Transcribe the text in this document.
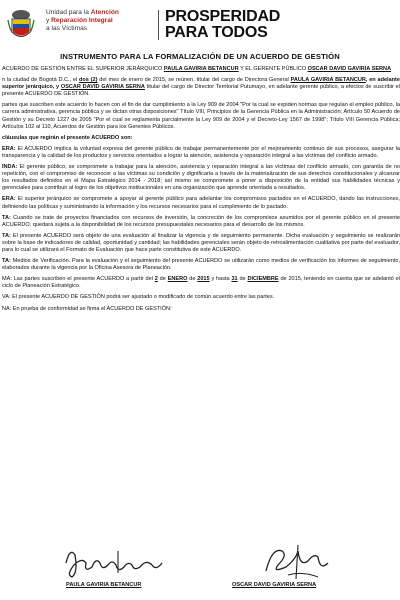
Unidad para la Atención
y Reparación Integral
a las Víctimas
PROSPERIDAD
PARA TODOS
INSTRUMENTO PARA LA FORMALIZACIÓN DE UN ACUERDO DE GESTIÓN

ACUERDO DE GESTIÓN ENTRE EL SUPERIOR JERÁRQUICO PAULA GAVIRIA BETANCUR Y EL GERENTE PÚBLICO OSCAR DAVID GAVIRIA SERNA

n la ciudad de Bogotá D.C., el dos (2) del mes de enero de 2015, se reúnen, titular del cargo de Directora General PAULA GAVIRIA BETANCUR, en adelante superior jerárquico, y OSCAR DAVID GAVIRIA SERNA titular del cargo de Director Territorial Putumayo, en adelante gerente público, a efectos de suscribir el presente ACUERDO DE GESTIÓN.

partes que suscriben este acuerdo lo hacen con el fin de dar cumplimiento a la Ley 909 de 2004 "Por la cual se expiden normas que regulan el empleo público, la carrera administrativa, gerencia pública y se dictan otras disposiciones" Título VIII, Principios de la Gerencia Pública en la Administración; Artículo 50 Acuerdo de Gestión y su Decreto 1227 de 2005 "Por el cual se reglamenta parcialmente la Ley 909 de 2004 y el Decreto-Ley 1567 de 1998"; Título VIII Gerencia Pública; Artículos 102 al 110, Acuerdos de Gestión para los Gerentes Públicos.

cláusulas que regirán el presente ACUERDO son:

ERA: El ACUERDO implica la voluntad expresa del gerente público de trabajar permanentemente por el mejoramiento continuo de sus procesos, asegurar la transparencia y la calidad de los productos y servicios orientados a lograr la atención, asistencia y reparación integral a las víctimas del conflicto armado.

INDA: El gerente público, se compromete a trabajar para la atención, asistencia y reparación integral a las víctimas del conflicto armado, con garantía de no repetición, con el compromiso de reconocer a las víctimas su condición y dignificarla a través de la materialización de sus derechos constitucionales y alcanzar los resultados definidos en el Mapa Estratégico 2014 - 2018; así mismo se compromete a poner a disposición de la entidad sus habilidades técnicas y gerenciales para contribuir al logro de los objetivos institucionales en una organización que aprende orientada a resultados.

ERA: El superior jerárquico se compromete a apoyar al gerente público para adelantar los compromisos pactados en el ACUERDO, dando las instrucciones, definiendo las políticas y suministrando la información y los recursos necesarios para el cumplimiento de lo pactado.

TA: Cuando se trate de proyectos financiados con recursos de inversión, la concreción de los compromisos asumidos por el gerente público en el presente ACUERDO, quedará sujeta a la disponibilidad de los recursos presupuestales necesarios para el desarrollo de los mismos.

TA: El presente ACUERDO será objeto de una evaluación al finalizar la vigencia y de seguimiento permanente. Dicha evaluación y seguimiento se realizarán sobre la base de indicadores de calidad, oportunidad y cantidad; las habilidades gerenciales serán objeto de retroalimentación cualitativa por parte del evaluador, para lo cual se utilizará el Formato de Evaluación que hace parte constitutiva de este ACUERDO.

TA: Medios de Verificación. Para la evaluación y el seguimiento del presente ACUERDO se utilizarán como medios de verificación los informes de seguimiento, elaborados durante la vigencia por la Oficina Asesora de Planeación.

MA: Las partes suscriben el presente ACUERDO a partir del 2 de ENERO de 2015 y hasta 31 de DICIEMBRE de 2015, teniendo en cuenta que se adelantó el ciclo de Planeación Estratégico.

VA: El presente ACUERDO DE GESTIÓN podrá ser ajustado o modificado de común acuerdo entre las partes.

NA: En prueba de conformidad se firma el ACUERDO DE GESTIÓN:

PAULA GAVIRIA BETANCUR	OSCAR DAVID GAVIRIA SERNA
